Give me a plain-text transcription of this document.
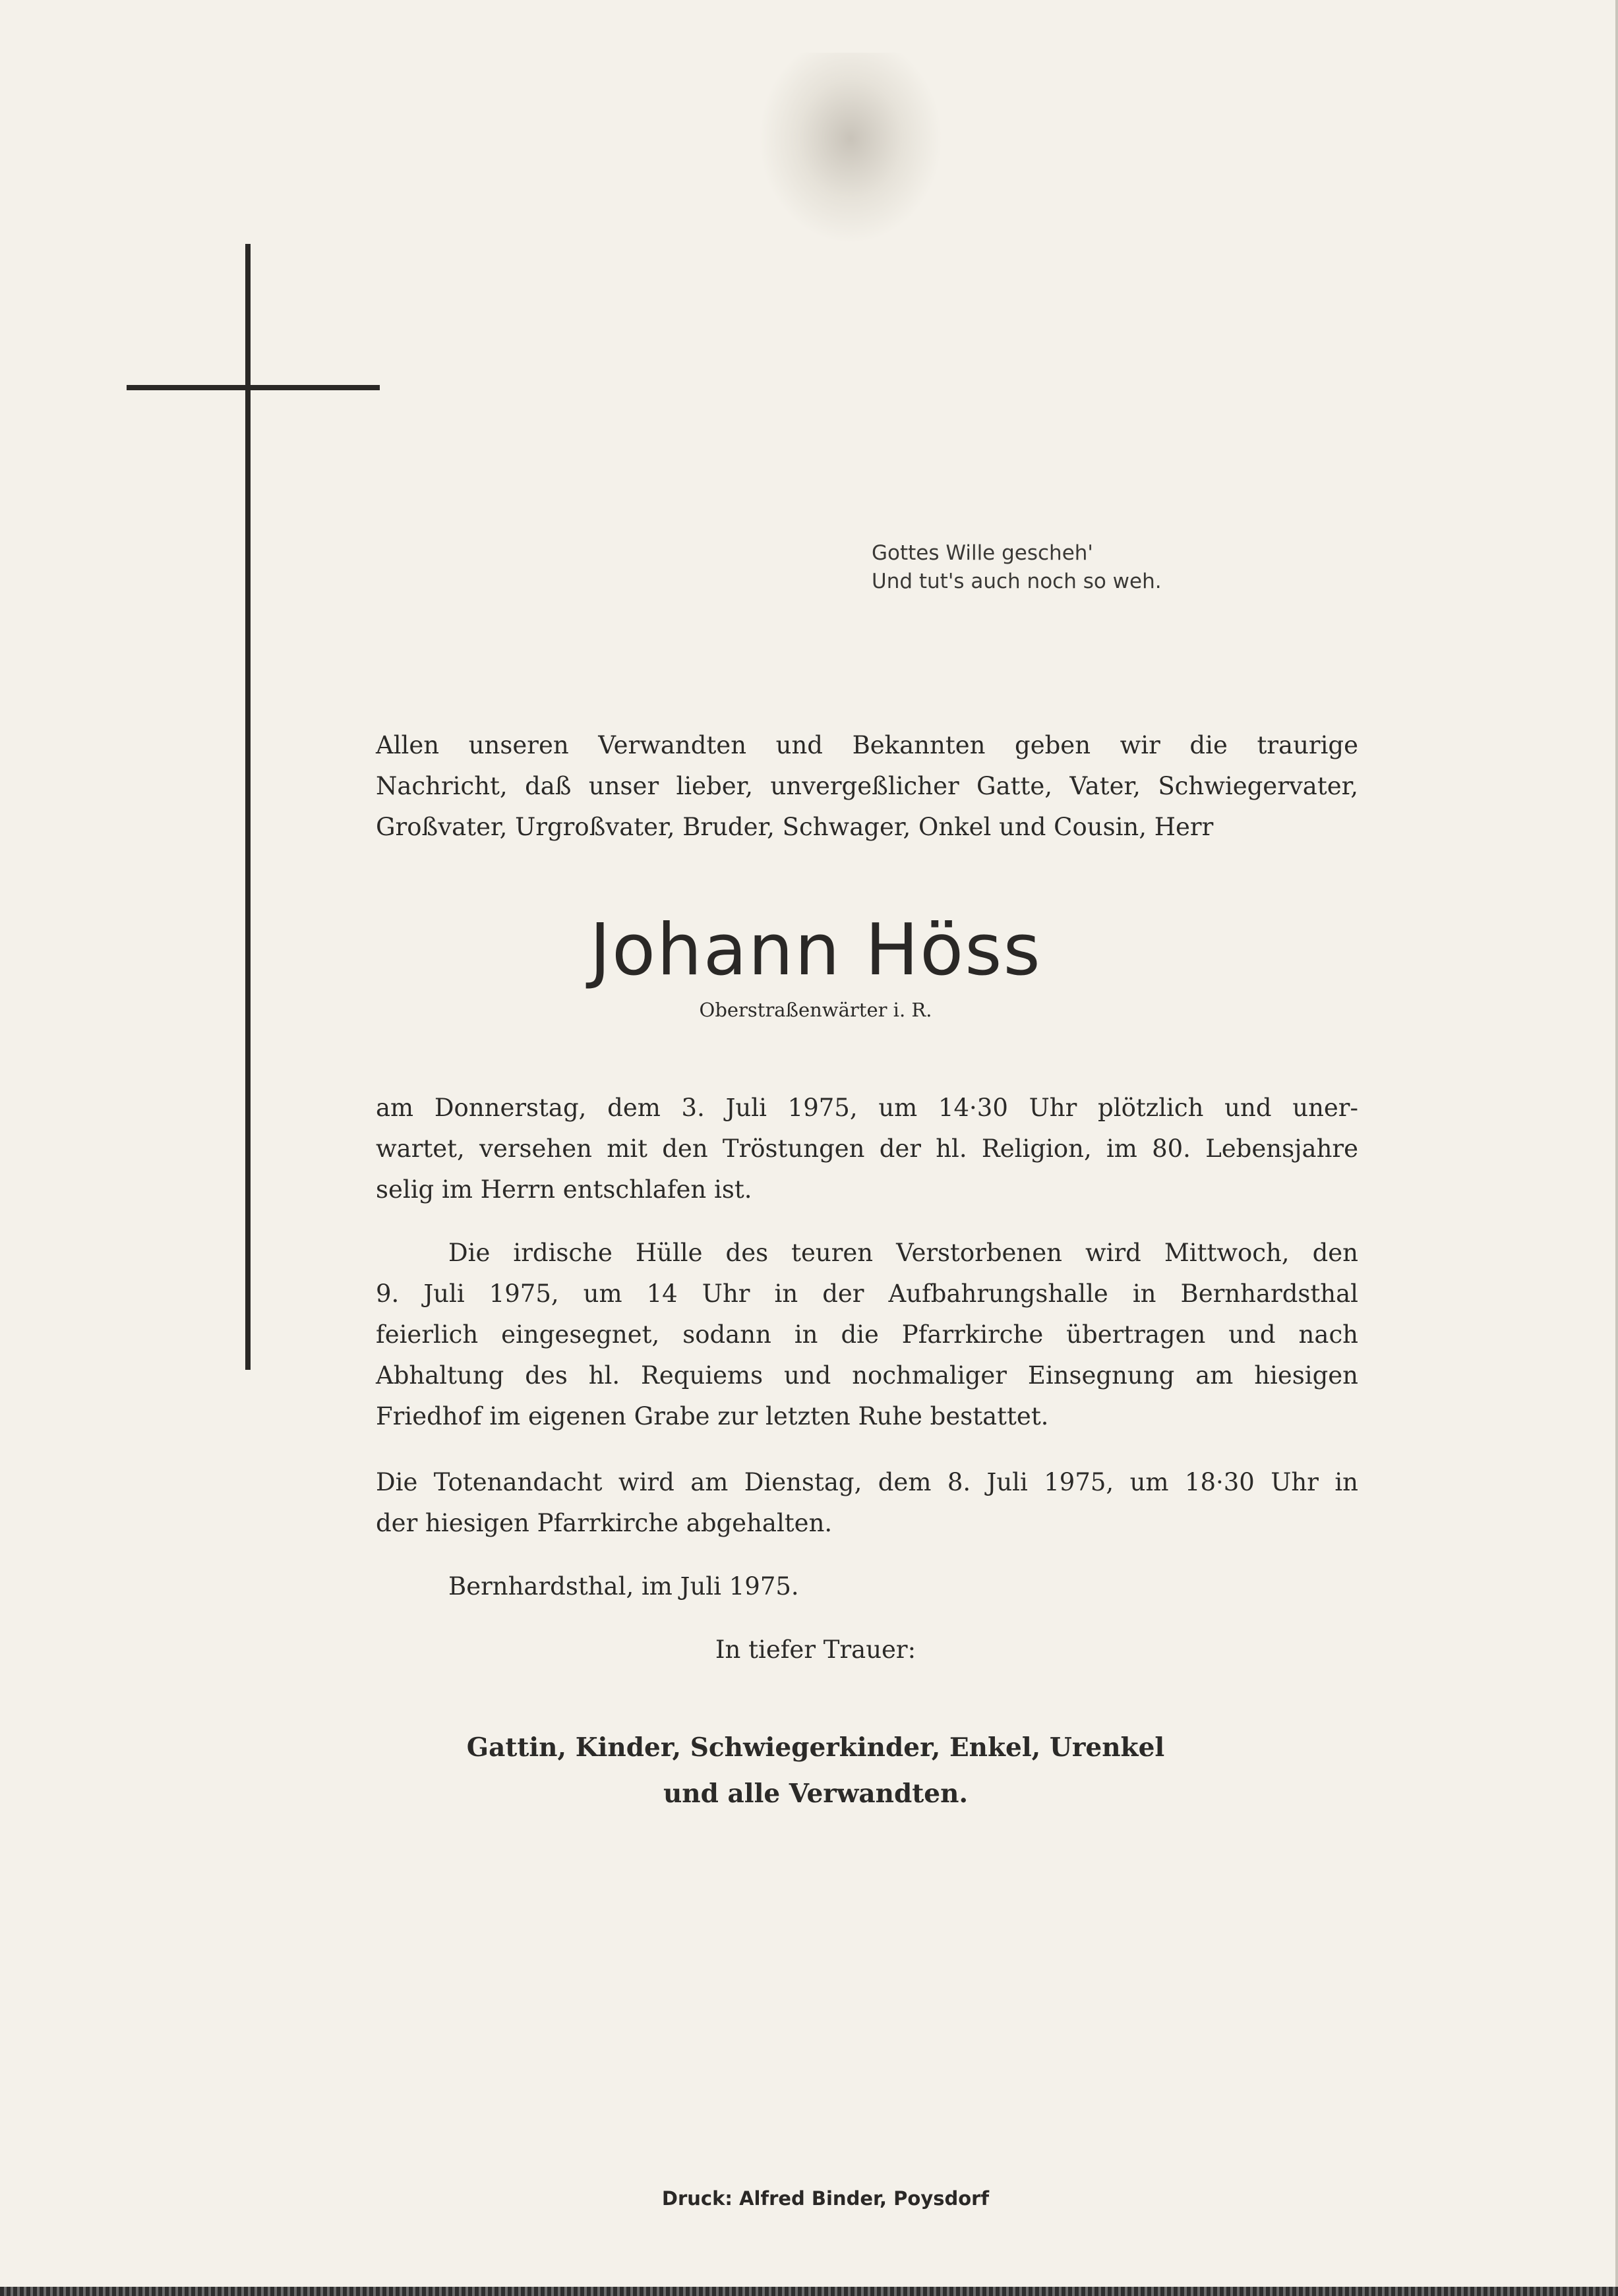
Gottes Wille gescheh'
Und tut's auch noch so weh.

Allen unseren Verwandten und Bekannten geben wir die traurige

Nachricht, daß unser lieber, unvergeßlicher Gatte, Vater, Schwiegervater,

Großvater, Urgroßvater, Bruder, Schwager, Onkel und Cousin, Herr

Johann Höss
Oberstraßenwärter i. R.

am Donnerstag, dem 3. Juli 1975, um 14·30 Uhr plötzlich und uner-

wartet, versehen mit den Tröstungen der hl. Religion, im 80. Lebensjahre

selig im Herrn entschlafen ist.

Die irdische Hülle des teuren Verstorbenen wird Mittwoch, den

9. Juli 1975, um 14 Uhr in der Aufbahrungshalle in Bernhardsthal

feierlich eingesegnet, sodann in die Pfarrkirche übertragen und nach

Abhaltung des hl. Requiems und nochmaliger Einsegnung am hiesigen

Friedhof im eigenen Grabe zur letzten Ruhe bestattet.

Die Totenandacht wird am Dienstag, dem 8. Juli 1975, um 18·30 Uhr in

der hiesigen Pfarrkirche abgehalten.

Bernhardsthal, im Juli 1975.
In tiefer Trauer:
Gattin, Kinder, Schwiegerkinder, Enkel, Urenkel
und alle Verwandten.
Druck: Alfred Binder, Poysdorf
